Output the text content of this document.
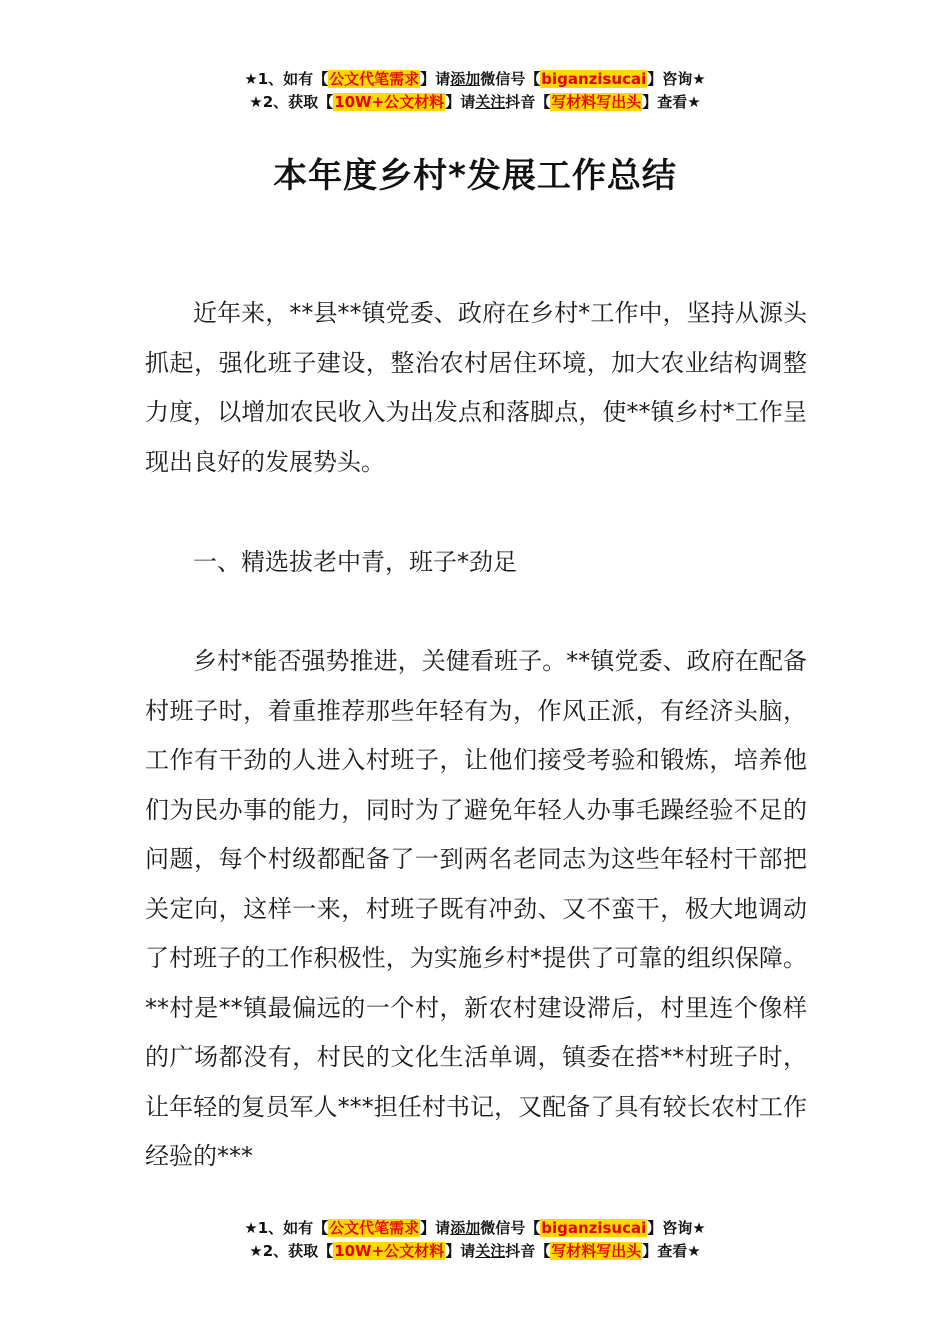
★1、如有【公文代笔需求】请添加微信号【biganzisucai】咨询★
★2、获取【10W+公文材料】请关注抖音【写材料写出头】查看★
本年度乡村*发展工作总结

近年来，**县**镇党委、政府在乡村*工作中，坚持从源头抓起，强化班子建设，整治农村居住环境，加大农业结构调整力度，以增加农民收入为出发点和落脚点，使**镇乡村*工作呈现出良好的发展势头。

一、精选拔老中青，班子*劲足

乡村*能否强势推进，关健看班子。**镇党委、政府在配备村班子时，着重推荐那些年轻有为，作风正派，有经济头脑，工作有干劲的人进入村班子，让他们接受考验和锻炼，培养他们为民办事的能力，同时为了避免年轻人办事毛躁经验不足的问题，每个村级都配备了一到两名老同志为这些年轻村干部把关定向，这样一来，村班子既有冲劲、又不蛮干，极大地调动了村班子的工作积极性，为实施乡村*提供了可靠的组织保障。**村是**镇最偏远的一个村，新农村建设滞后，村里连个像样的广场都没有，村民的文化生活单调，镇委在搭**村班子时，让年轻的复员军人***担任村书记，又配备了具有较长农村工作经验的***

★1、如有【公文代笔需求】请添加微信号【biganzisucai】咨询★
★2、获取【10W+公文材料】请关注抖音【写材料写出头】查看★
